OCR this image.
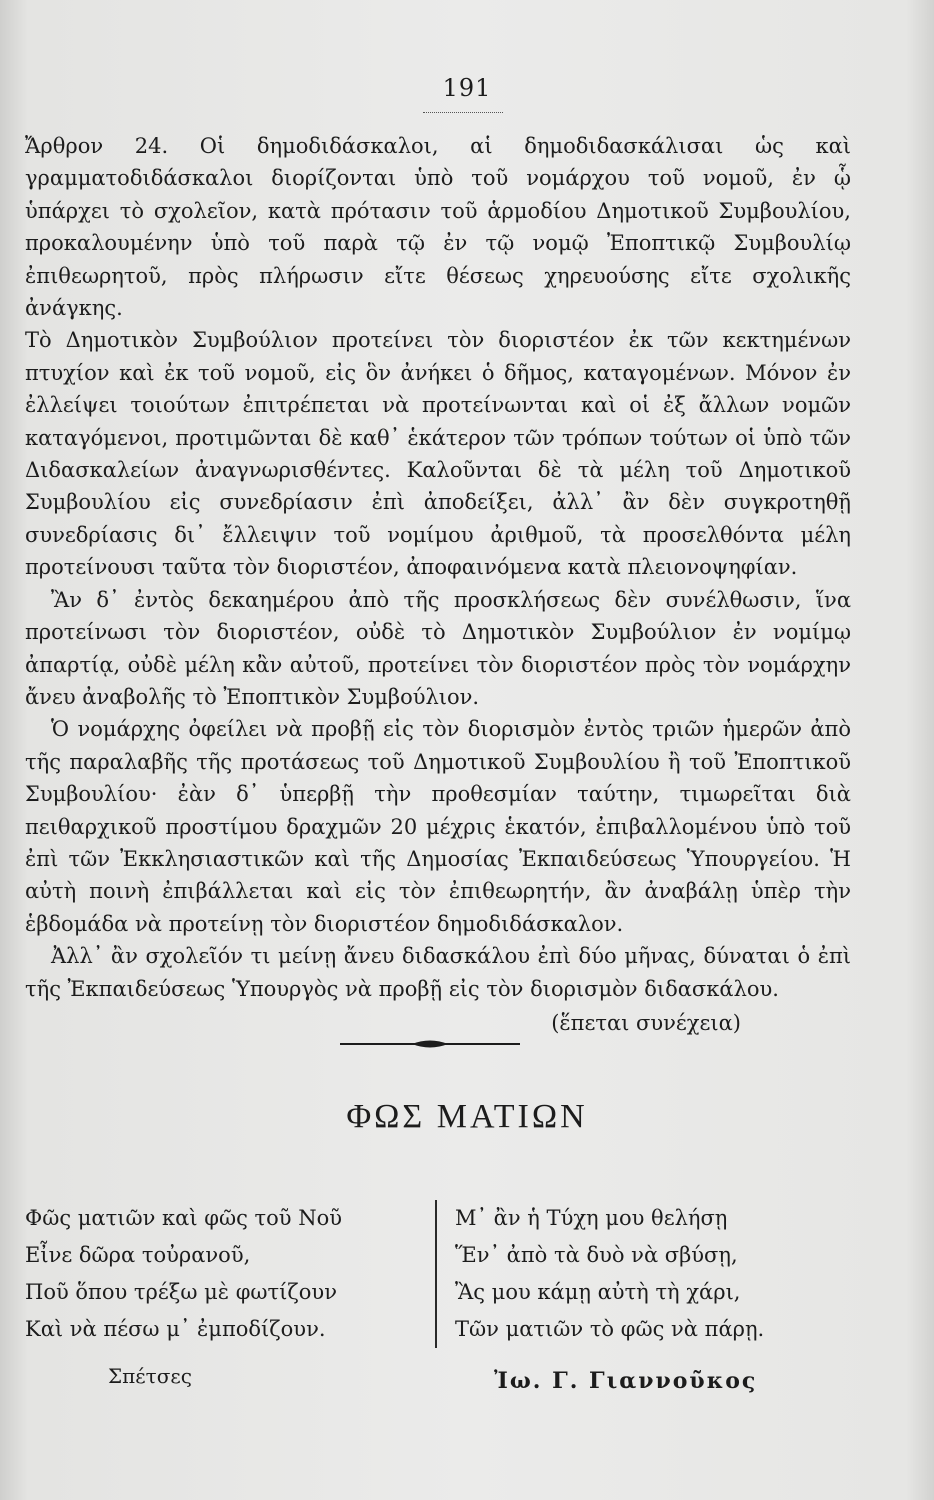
191

Ἄρθρον 24. Οἱ δημοδιδάσκαλοι, αἱ δημοδιδασκάλισαι ὡς καὶ γραμματοδιδάσκαλοι διορίζονται ὑπὸ τοῦ νομάρχου τοῦ νομοῦ, ἐν ᾧ ὑπάρχει τὸ σχολεῖον, κατὰ πρότασιν τοῦ ἁρμοδίου Δημοτικοῦ Συμβουλίου, προκαλουμένην ὑπὸ τοῦ παρὰ τῷ ἐν τῷ νομῷ Ἐποπτικῷ Συμβουλίῳ ἐπιθεωρητοῦ, πρὸς πλήρωσιν εἴτε θέσεως χηρευούσης εἴτε σχολικῆς ἀνάγκης.

Τὸ Δημοτικὸν Συμβούλιον προτείνει τὸν διοριστέον ἐκ τῶν κεκτημένων πτυχίον καὶ ἐκ τοῦ νομοῦ, εἰς ὃν ἀνήκει ὁ δῆμος, καταγομένων. Μόνον ἐν ἐλλείψει τοιούτων ἐπιτρέπεται νὰ προτείνωνται καὶ οἱ ἐξ ἄλλων νομῶν καταγόμενοι, προτιμῶνται δὲ καθ᾽ ἑκάτερον τῶν τρόπων τούτων οἱ ὑπὸ τῶν Διδασκαλείων ἀναγνωρισθέντες. Καλοῦνται δὲ τὰ μέλη τοῦ Δημοτικοῦ Συμβουλίου εἰς συνεδρίασιν ἐπὶ ἀποδείξει, ἀλλ᾽ ἂν δὲν συγκροτηθῇ συνεδρίασις δι᾽ ἔλλειψιν τοῦ νομίμου ἀριθμοῦ, τὰ προσελθόντα μέλη προτείνουσι ταῦτα τὸν διοριστέον, ἀποφαινόμενα κατὰ πλειονοψηφίαν.

Ἂν δ᾽ ἐντὸς δεκαημέρου ἀπὸ τῆς προσκλήσεως δὲν συνέλθωσιν, ἵνα προτείνωσι τὸν διοριστέον, οὐδὲ τὸ Δημοτικὸν Συμβούλιον ἐν νομίμῳ ἀπαρτίᾳ, οὐδὲ μέλη κἂν αὐτοῦ, προτείνει τὸν διοριστέον πρὸς τὸν νομάρχην ἄνευ ἀναβολῆς τὸ Ἐποπτικὸν Συμβούλιον.

Ὁ νομάρχης ὀφείλει νὰ προβῇ εἰς τὸν διορισμὸν ἐντὸς τριῶν ἡμερῶν ἀπὸ τῆς παραλαβῆς τῆς προτάσεως τοῦ Δημοτικοῦ Συμβουλίου ἢ τοῦ Ἐποπτικοῦ Συμβουλίου· ἐὰν δ᾽ ὑπερβῇ τὴν προθεσμίαν ταύτην, τιμωρεῖται διὰ πειθαρχικοῦ προστίμου δραχμῶν 20 μέχρις ἑκατόν, ἐπιβαλλομένου ὑπὸ τοῦ ἐπὶ τῶν Ἐκκλησιαστικῶν καὶ τῆς Δημοσίας Ἐκπαιδεύσεως Ὑπουργείου. Ἡ αὐτὴ ποινὴ ἐπιβάλλεται καὶ εἰς τὸν ἐπιθεωρητήν, ἂν ἀναβάλῃ ὑπὲρ τὴν ἑβδομάδα νὰ προτείνῃ τὸν διοριστέον δημοδιδάσκαλον.

Ἀλλ᾽ ἂν σχολεῖόν τι μείνῃ ἄνευ διδασκάλου ἐπὶ δύο μῆνας, δύναται ὁ ἐπὶ τῆς Ἐκπαιδεύσεως Ὑπουργὸς νὰ προβῇ εἰς τὸν διορισμὸν διδασκάλου.

(ἕπεται συνέχεια)

ΦΩΣ ΜΑΤΙΩΝ
Φῶς ματιῶν καὶ φῶς τοῦ Νοῦ
Εἶνε δῶρα τοὐρανοῦ,
Ποῦ ὅπου τρέξω μὲ φωτίζουν
Καὶ νὰ πέσω μ᾽ ἐμποδίζουν.
Μ᾽ ἂν ἡ Τύχη μου θελήσῃ
Ἕν᾽ ἀπὸ τὰ δυὸ νὰ σβύσῃ,
Ἂς μου κάμῃ αὐτὴ τὴ χάρι,
Τῶν ματιῶν τὸ φῶς νὰ πάρῃ.
Σπέτσες	Ἰω. Γ. Γιαννοῦκος
